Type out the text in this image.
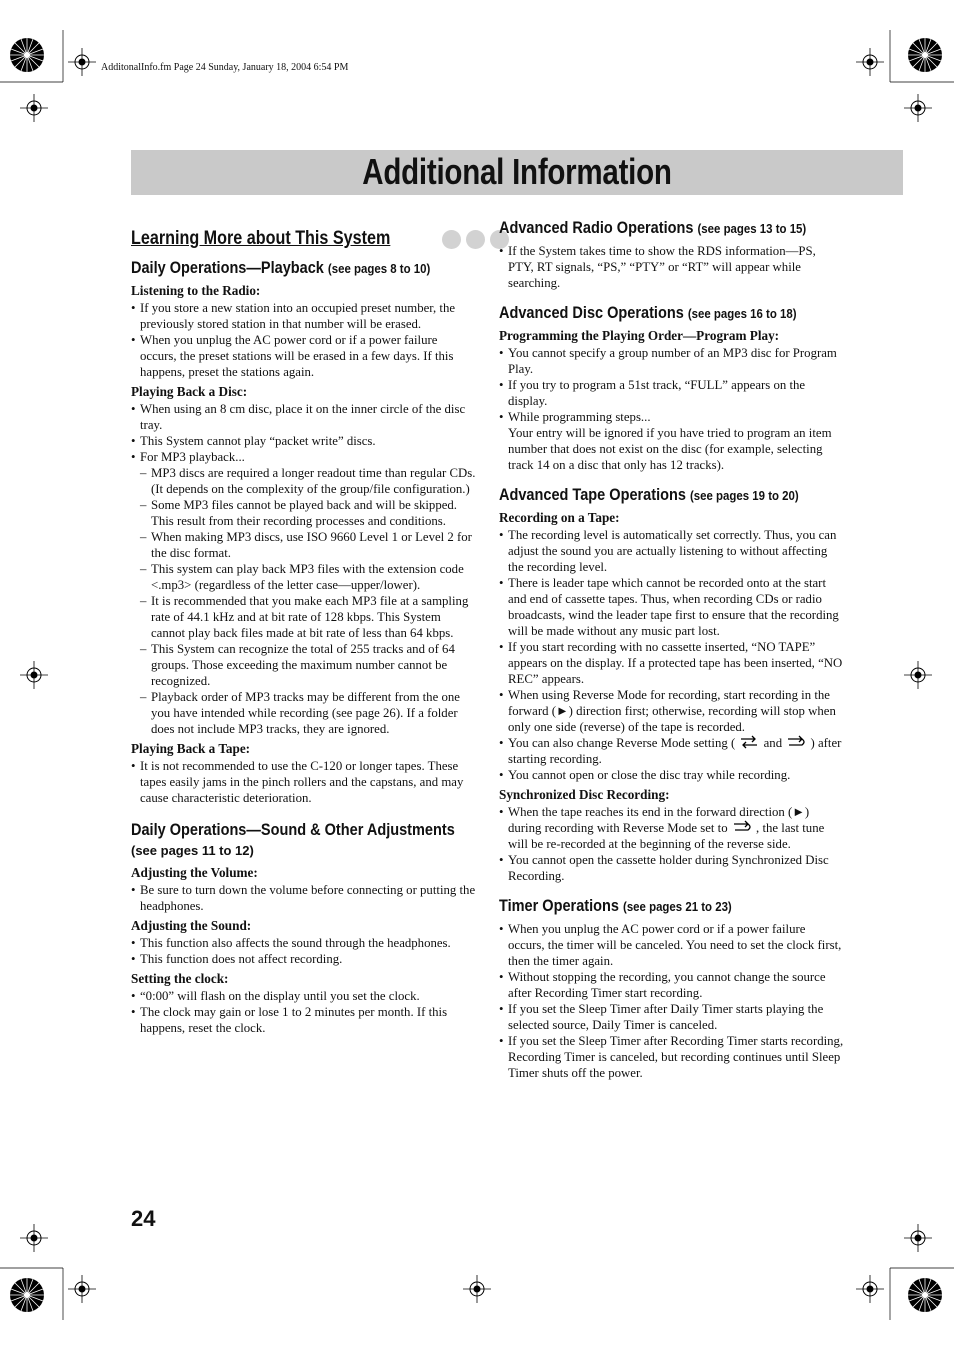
AdditonalInfo.fm Page 24 Sunday, January 18, 2004 6:54 PM
Additional Information
Learning More about This System
Daily Operations—Playback (see pages 8 to 10)
Listening to the Radio:
• If you store a new station into an occupied preset number, the previously stored station in that number will be erased.
• When you unplug the AC power cord or if a power failure occurs, the preset stations will be erased in a few days. If this happens, preset the stations again.
Playing Back a Disc:
• When using an 8 cm disc, place it on the inner circle of the disc tray.
• This System cannot play “packet write” discs.
• For MP3 playback...
– MP3 discs are required a longer readout time than regular CDs. (It depends on the complexity of the group/file configuration.)
– Some MP3 files cannot be played back and will be skipped. This result from their recording processes and conditions.
– When making MP3 discs, use ISO 9660 Level 1 or Level 2 for the disc format.
– This system can play back MP3 files with the extension code <.mp3> (regardless of the letter case—upper/lower).
– It is recommended that you make each MP3 file at a sampling rate of 44.1 kHz and at bit rate of 128 kbps. This System cannot play back files made at bit rate of less than 64 kbps.
– This System can recognize the total of 255 tracks and of 64 groups. Those exceeding the maximum number cannot be recognized.
– Playback order of MP3 tracks may be different from the one you have intended while recording (see page 26). If a folder does not include MP3 tracks, they are ignored.
Playing Back a Tape:
• It is not recommended to use the C-120 or longer tapes. These tapes easily jams in the pinch rollers and the capstans, and may cause characteristic deterioration.
Daily Operations—Sound & Other Adjustments
(see pages 11 to 12)
Adjusting the Volume:
• Be sure to turn down the volume before connecting or putting the headphones.
Adjusting the Sound:
• This function also affects the sound through the headphones.
• This function does not affect recording.
Setting the clock:
• “0:00” will flash on the display until you set the clock.
• The clock may gain or lose 1 to 2 minutes per month. If this happens, reset the clock.
Advanced Radio Operations (see pages 13 to 15)
• If the System takes time to show the RDS information—PS, PTY, RT signals, “PS,” “PTY” or “RT” will appear while searching.
Advanced Disc Operations (see pages 16 to 18)
Programming the Playing Order—Program Play:
• You cannot specify a group number of an MP3 disc for Program Play.
• If you try to program a 51st track, “FULL” appears on the display.
• While programming steps...
Your entry will be ignored if you have tried to program an item number that does not exist on the disc (for example, selecting track 14 on a disc that only has 12 tracks).
Advanced Tape Operations (see pages 19 to 20)
Recording on a Tape:
• The recording level is automatically set correctly. Thus, you can adjust the sound you are actually listening to without affecting the recording level.
• There is leader tape which cannot be recorded onto at the start and end of cassette tapes. Thus, when recording CDs or radio broadcasts, wind the leader tape first to ensure that the recording will be made without any music part lost.
• If you start recording with no cassette inserted, “NO TAPE” appears on the display. If a protected tape has been inserted, “NO REC” appears.
• When using Reverse Mode for recording, start recording in the forward (►) direction first; otherwise, recording will stop when only one side (reverse) of the tape is recorded.
• You can also change Reverse Mode setting ( and ) after starting recording.
• You cannot open or close the disc tray while recording.
Synchronized Disc Recording:
• When the tape reaches its end in the forward direction (►) during recording with Reverse Mode set to , the last tune will be re-recorded at the beginning of the reverse side.
• You cannot open the cassette holder during Synchronized Disc Recording.
Timer Operations (see pages 21 to 23)
• When you unplug the AC power cord or if a power failure occurs, the timer will be canceled. You need to set the clock first, then the timer again.
• Without stopping the recording, you cannot change the source after Recording Timer start recording.
• If you set the Sleep Timer after Daily Timer starts playing the selected source, Daily Timer is canceled.
• If you set the Sleep Timer after Recording Timer starts recording, Recording Timer is canceled, but recording continues until Sleep Timer shuts off the power.
24
